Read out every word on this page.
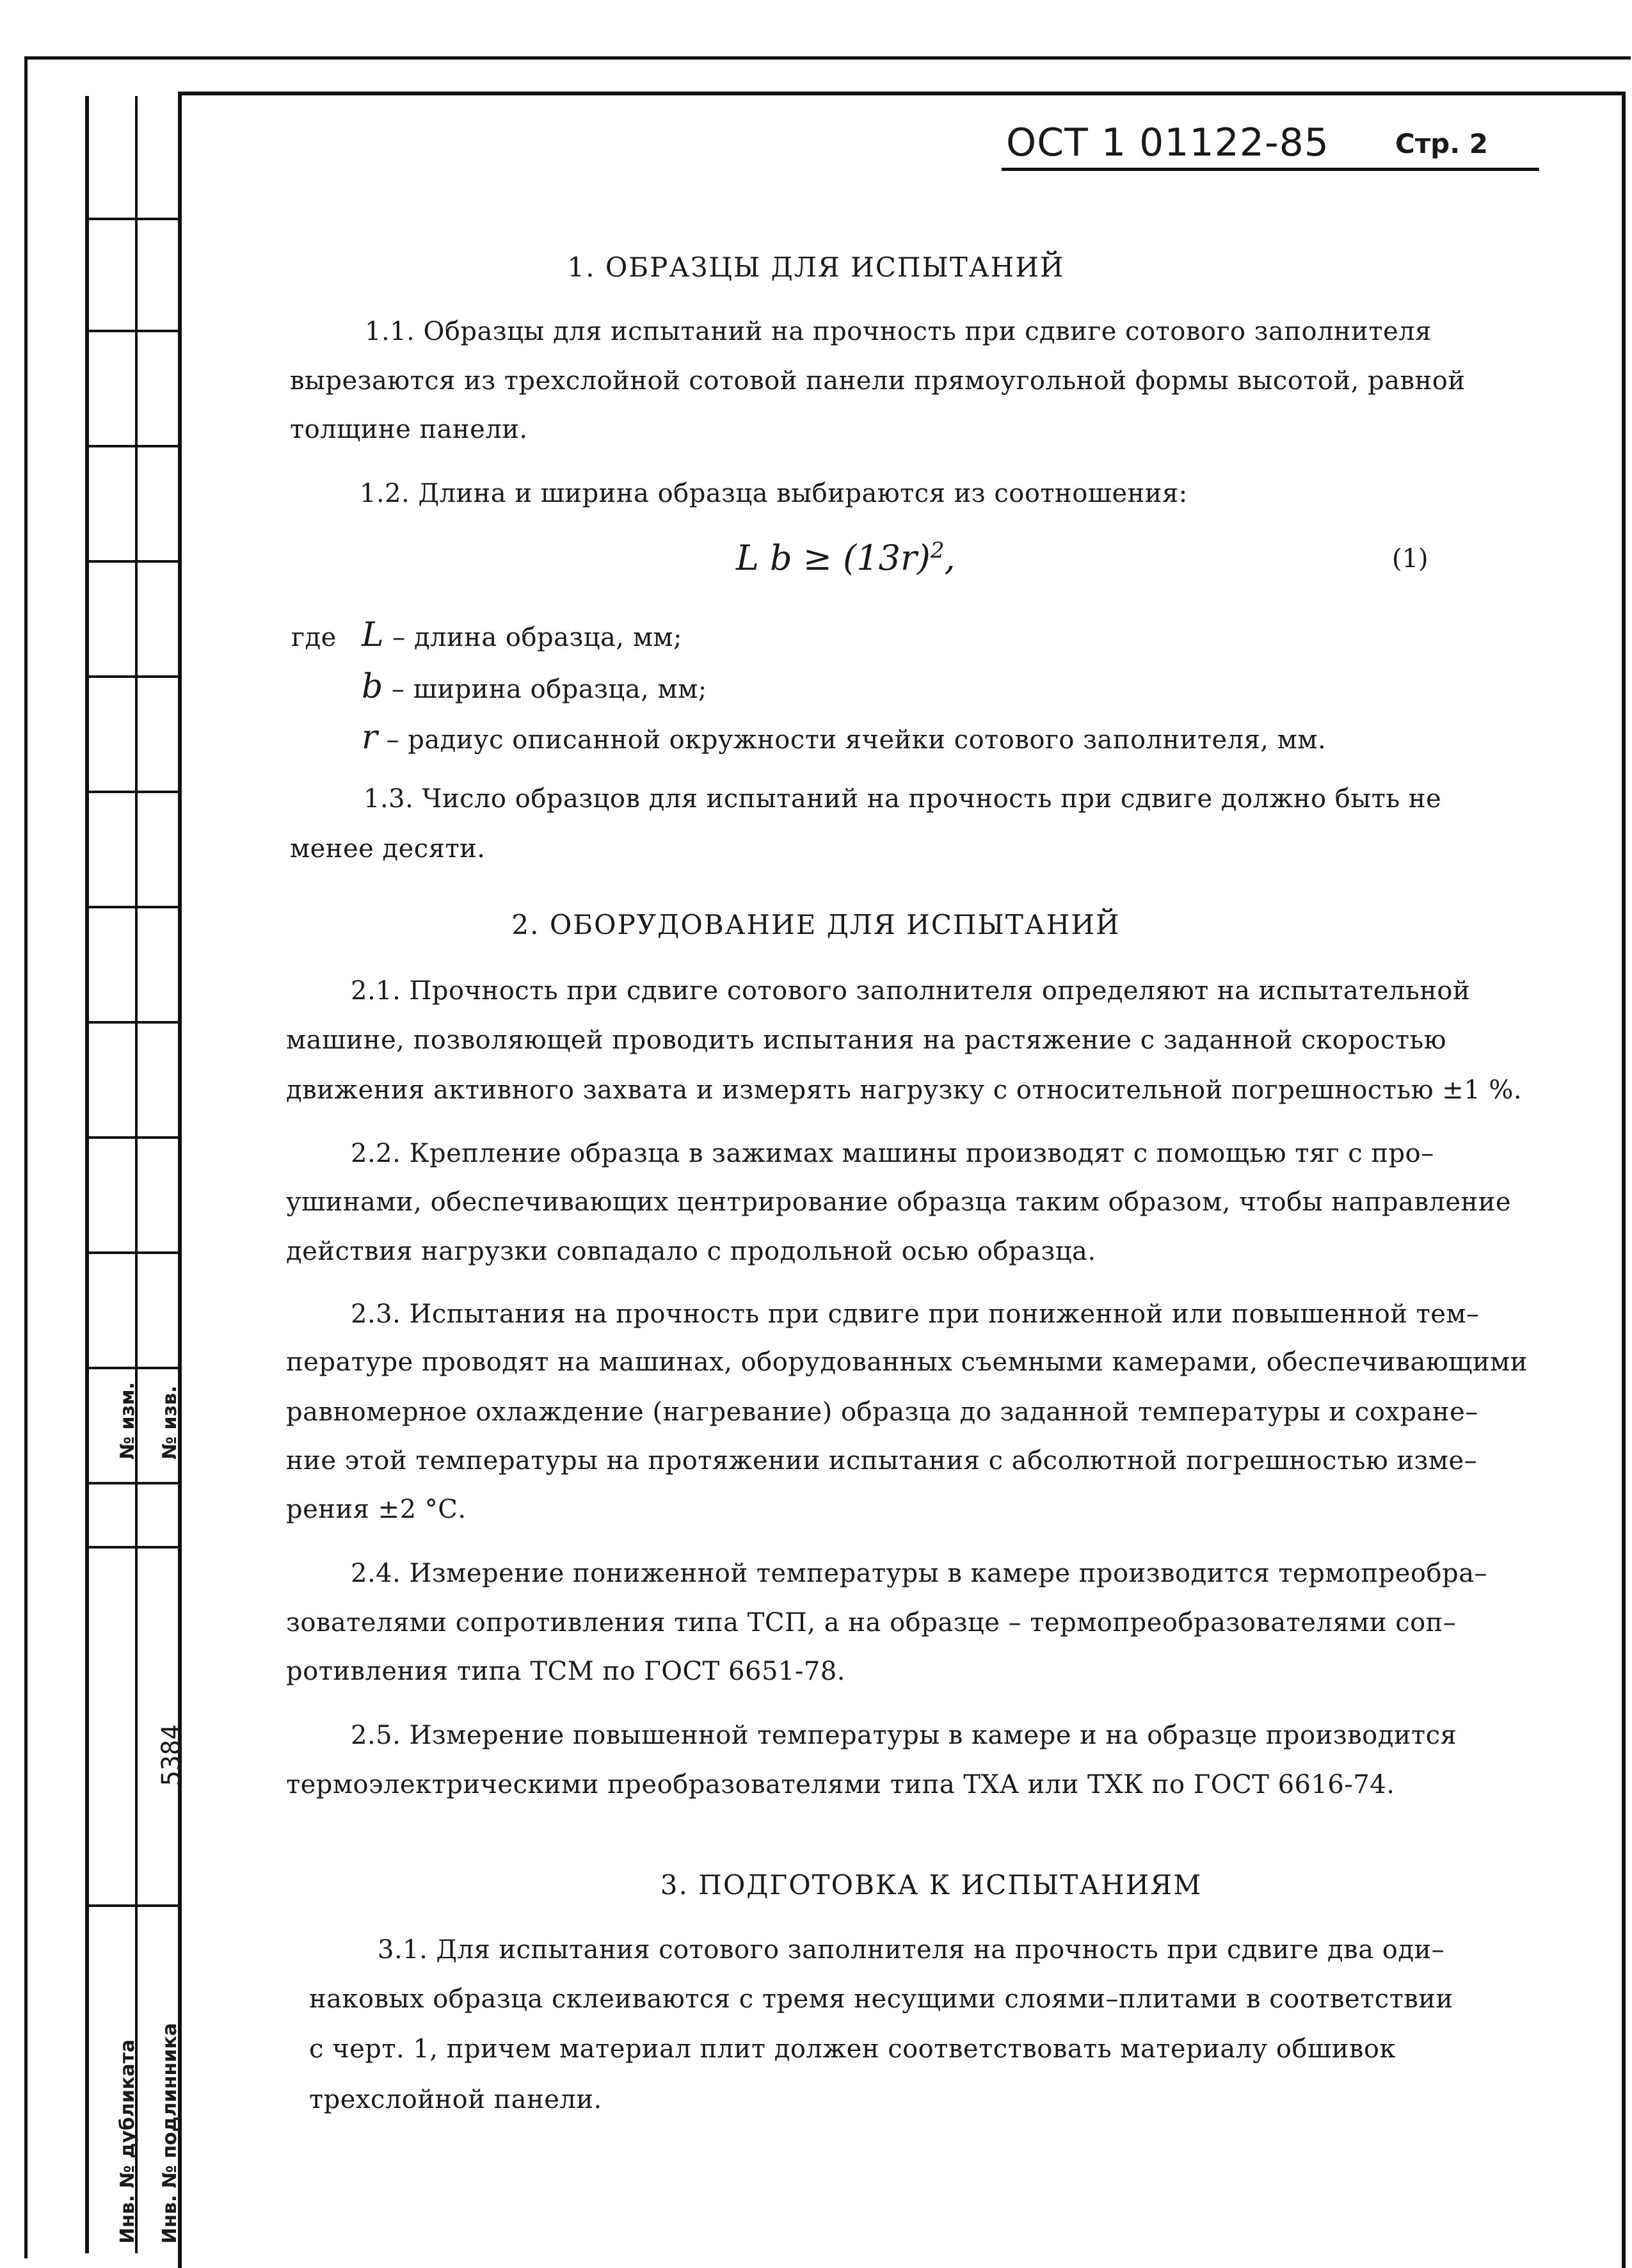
№ изм. № изв.
5384
Инв. № дубликата Инв. № подлинника
ОСТ 1 01122-85 Стр. 2
1. ОБРАЗЦЫ ДЛЯ ИСПЫТАНИЙ
1.1. Образцы для испытаний на прочность при сдвиге сотового заполнителя
вырезаются из трехслойной сотовой панели прямоугольной формы высотой, равной
толщине панели.
1.2. Длина и ширина образца выбираются из соотношения:
L $b \ge (13r)^2$,	(1)
где L – длина образца, мм;
b – ширина образца, мм;
r – радиус описанной окружности ячейки сотового заполнителя, мм.
1.3. Число образцов для испытаний на прочность при сдвиге должно быть не
менее десяти.
2. ОБОРУДОВАНИЕ ДЛЯ ИСПЫТАНИЙ
2.1. Прочность при сдвиге сотового заполнителя определяют на испытательной
машине, позволяющей проводить испытания на растяжение с заданной скоростью
движения активного захвата и измерять нагрузку с относительной погрешностью ±1 %.
2.2. Крепление образца в зажимах машины производят с помощью тяг с про–
ушинами, обеспечивающих центрирование образца таким образом, чтобы направление
действия нагрузки совпадало с продольной осью образца.
2.3. Испытания на прочность при сдвиге при пониженной или повышенной тем–
пературе проводят на машинах, оборудованных съемными камерами, обеспечивающими
равномерное охлаждение (нагревание) образца до заданной температуры и сохране–
ние этой температуры на протяжении испытания с абсолютной погрешностью изме–
рения ±2 °С.
2.4. Измерение пониженной температуры в камере производится термопреобра–
зователями сопротивления типа ТСП, а на образце – термопреобразователями соп–
ротивления типа ТСМ по ГОСТ 6651-78.
2.5. Измерение повышенной температуры в камере и на образце производится
термоэлектрическими преобразователями типа ТХА или ТХК по ГОСТ 6616-74.
3. ПОДГОТОВКА К ИСПЫТАНИЯМ
3.1. Для испытания сотового заполнителя на прочность при сдвиге два оди–
наковых образца склеиваются с тремя несущими слоями–плитами в соответствии
с черт. 1, причем материал плит должен соответствовать материалу обшивок
трехслойной панели.
